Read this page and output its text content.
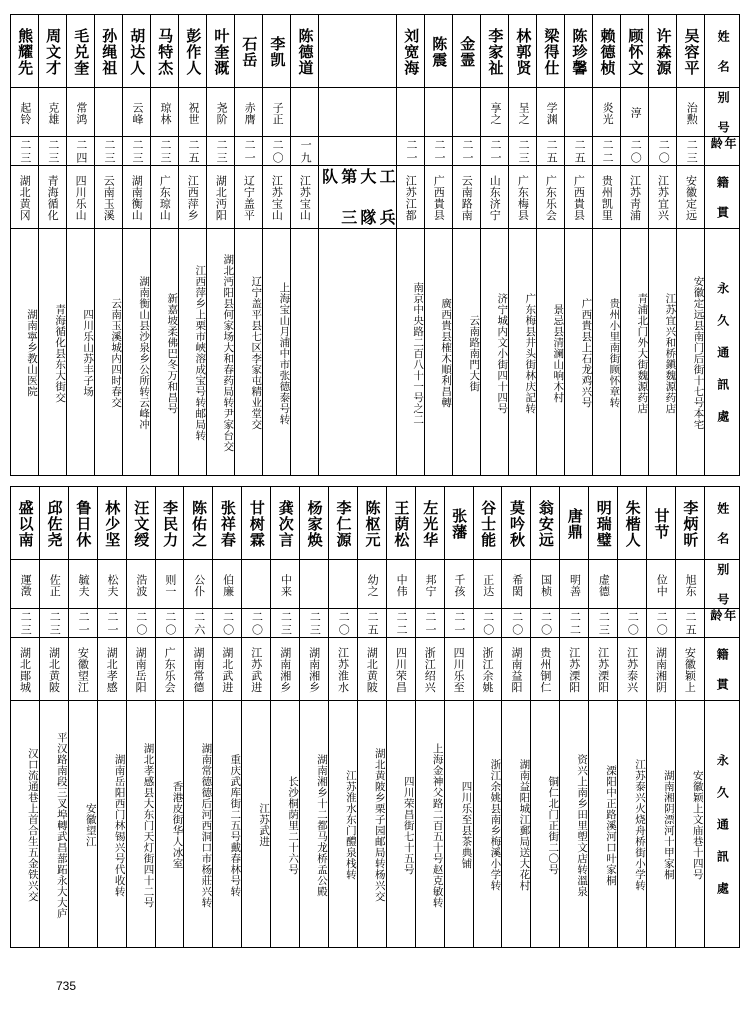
熊耀先	周文才	毛兑奎	孙绳祖	胡达人	马特杰	彭作人	叶奎溉	石岳	李凯	陈德道		刘宽海	陈震	金霊	李家祉	林郭贤	梁得仕	陈珍馨	赖德桢	顾怀文	许森源	吴容平	姓　名

起铃	克雄	常鸿		云峰	琼林	祝世	尧阶	赤膺	子正						享之	呈之	学渊		炎光	淳		治勲	别　号

二三	二三	二四	二三	二三	二三	二五	二三	二一	二〇	一九		二一	二一	二一	二一	二三	二五	二五	二二	二〇	二〇	二三	年　龄

湖北黄冈	青海循化	四川乐山	云南玉溪	湖南衡山	广东琼山	江西萍乡	湖北沔阳	辽宁盖平	江苏宝山	江苏宝山	工 兵 大 隊 第 三 队	江苏江都	广西貴县	云南路南	山东济宁	广东梅县	广东乐会	广西貴县	贵州凯里	江苏靑浦	江苏宜兴	安徽定远	籍　貫

湖南寧乡教山医院	青海循化县东大街交	四川乐山苏丰子场	云南玉溪城内四时春交	湖南衡山县沙泉乡公所转云峰冲	新嘉坡柔佛巴冬万和昌号	江西萍乡上栗市峽溶成宝号转邮局转	湖北沔阳县何家场大和春药局转尹家台交	辽宁盖平县七区李家屯精业堂交	上海宝山月浦中市张德泰号转			南京中央路二百八十一号之二	廣西貴县榷木順利昌轉	云南路南門大街	济宁城内文小街四十四号	广东梅县井头街林庆記转	景忌县清澜山响木村	广西貴县上石龙鸡兴号	贵州小里南街顾怀章转	青浦北门外大街魏源药店	江苏宜兴和桥鎭魏源药店	安徽定远县南门后街十七号本宅	永 久 通 訊 處
盛以南	邱佐尧	鲁日休	林少坚	汪文绶	李民力	陈佑之	张祥春	甘树霖	龚次言	杨家焕	李仁源	陈枢元	王荫松	左光华	张藩	谷士能	莫吟秋	翁安远	唐鼎	明瑞璧	朱楷人	甘节	李炳昕	姓　名

運澂	佐正	毓夫	松夫	浩波	则一	公仆	伯廉		中来			幼之	中伟	邦宁	千孩	正达	希閎	国桢	明善	虚德		位中	旭东	别　号

二三	二三	二一	二一	二〇	二〇	二六	二〇	二〇	二三	二三	二〇	二五	二二	二一	二一	二〇	二〇	二〇	二二	二三	二〇	二〇	二五	年　龄

湖北鄖城	湖北黄陂	安徽望江	湖北孝感	湖南岳阳	广东乐会	湖南常德	湖北武进	江苏武进	湖南湘乡	湖南湘乡	江苏淮水	湖北黄陂	四川荣昌	浙江绍兴	四川乐至	浙江余姚	湖南益阳	贵州铜仁	江苏溧阳	江苏溧阳	江苏泰兴	湖南湘阴	安徽颖上	籍　貫

汉口流通巷上首合生五金铁兴交	平汉路南段三叉埠轉武昌蔀跖永大大庐	安徽望江	湖南岳阳西门林锡兴号代收转	湖北孝感县大东门天灯街四十二号	香港皮街华人冰室	湖南常德德后河西洞口市杨莊兴转	重庆武库街二五号戴春林号转	江苏武进	长沙桐荫里二十六号	湖南湘乡十二都马龙桥孟公殿	江苏淮水东门醴泉栈转	湖北黄陂乡栗子园邮局转杨兴交	四川荣昌街七十五号	上海金神父路二百五十号赵克敏转	四川乐至县茶典铺	浙江余姚县南乡梅溪小学转	湖南益阳城江郵局送大花村	铜仁北门正街二〇号	资兴上南乡田里塱文店转溫泉	溧阳中正路溪河口叶家桐	江苏泰兴火烧舟桥街小学转	湖南湘阴漂河十甲家桐	安徽颖上文庙巷十四号	永 久 通 訊 處
735
